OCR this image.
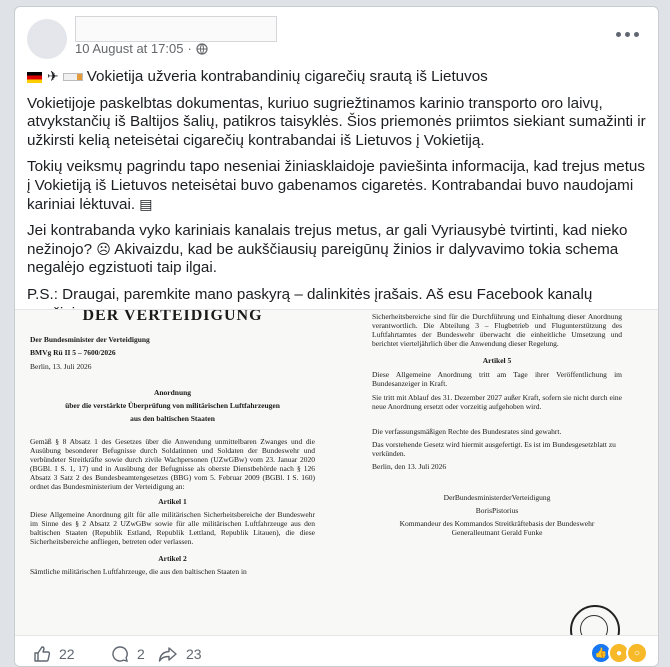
10 August at 17:05 ·
✈ Vokietija užveria kontrabandinių cigarečių srautą iš Lietuvos

Vokietijoje paskelbtas dokumentas, kuriuo sugriežtinamos karinio transporto oro laivų, atvykstančių iš Baltijos šalių, patikros taisyklės. Šios priemonės priimtos siekiant sumažinti ir užkirsti kelią neteisėtai cigarečių kontrabandai iš Lietuvos į Vokietiją.

Tokių veiksmų pagrindu tapo neseniai žiniasklaidoje paviešinta informacija, kad trejus metus į Vokietiją iš Lietuvos neteisėtai buvo gabenamos cigaretės. Kontrabandai buvo naudojami kariniai lėktuvai. ▤

Jei kontrabanda vyko kariniais kanalais trejus metus, ar gali Vyriausybė tvirtinti, kad nieko nežinojo? ☹ Akivaizdu, kad be aukščiausių pareigūnų žinios ir dalyvavimo tokia schema negalėjo egzistuoti taip ilgai.

P.S.: Draugai, paremkite mano paskyrą – dalinkitės įrašais. Aš esu Facebook kanalų

DER VERTEIDIGUNG
Der Bundesminister der Verteidigung
BMVg Rü II 5 – 7600/2026
Berlin, 13. Juli 2026
Anordnung
über die verstärkte Überprüfung von militärischen Luftfahrzeugen
aus den baltischen Staaten
Gemäß § 8 Absatz 1 des Gesetzes über die Anwendung unmittelbaren Zwanges und die Ausübung besonderer Befugnisse durch Soldatinnen und Soldaten der Bundeswehr und verbündeter Streitkräfte sowie durch zivile Wachpersonen (UZwGBw) vom 23. Januar 2020 (BGBl. I S. 1, 17) und in Ausübung der Befugnisse als oberste Dienstbehörde nach § 126 Absatz 3 Satz 2 des Bundesbeamtengesetzes (BBG) vom 5. Februar 2009 (BGBl. I S. 160) ordnet das Bundesministerium der Verteidigung an:
Artikel 1
Diese Allgemeine Anordnung gilt für alle militärischen Sicherheitsbereiche der Bundeswehr im Sinne des § 2 Absatz 2 UZwGBw sowie für alle militärischen Luftfahrzeuge aus den baltischen Staaten (Republik Estland, Republik Lettland, Republik Litauen), die diese Sicherheitsbereiche anfliegen, betreten oder verlassen.
Artikel 2
Sämtliche militärischen Luftfahrzeuge, die aus den baltischen Staaten in
Sicherheitsbereiche sind für die Durchführung und Einhaltung dieser Anordnung verantwortlich. Die Abteilung 3 – Flugbetrieb und Flugunterstützung des Luftfahrtamtes der Bundeswehr überwacht die einheitliche Umsetzung und berichtet vierteljährlich über die Anwendung dieser Regelung.
Artikel 5
Diese Allgemeine Anordnung tritt am Tage ihrer Veröffentlichung im Bundesanzeiger in Kraft.
Sie tritt mit Ablauf des 31. Dezember 2027 außer Kraft, sofern sie nicht durch eine neue Anordnung ersetzt oder vorzeitig aufgehoben wird.
Die verfassungsmäßigen Rechte des Bundesrates sind gewahrt.
Das vorstehende Gesetz wird hiermit ausgefertigt. Es ist im Bundesgesetzblatt zu verkünden.
Berlin, den 13. Juli 2026
DerBundesministerderVerteidigung
BorisPistorius
Kommandeur des Kommandos Streitkräftebasis der Bundeswehr
Generalleutnant Gerald Funke
22	2	23	👍 ●	○
